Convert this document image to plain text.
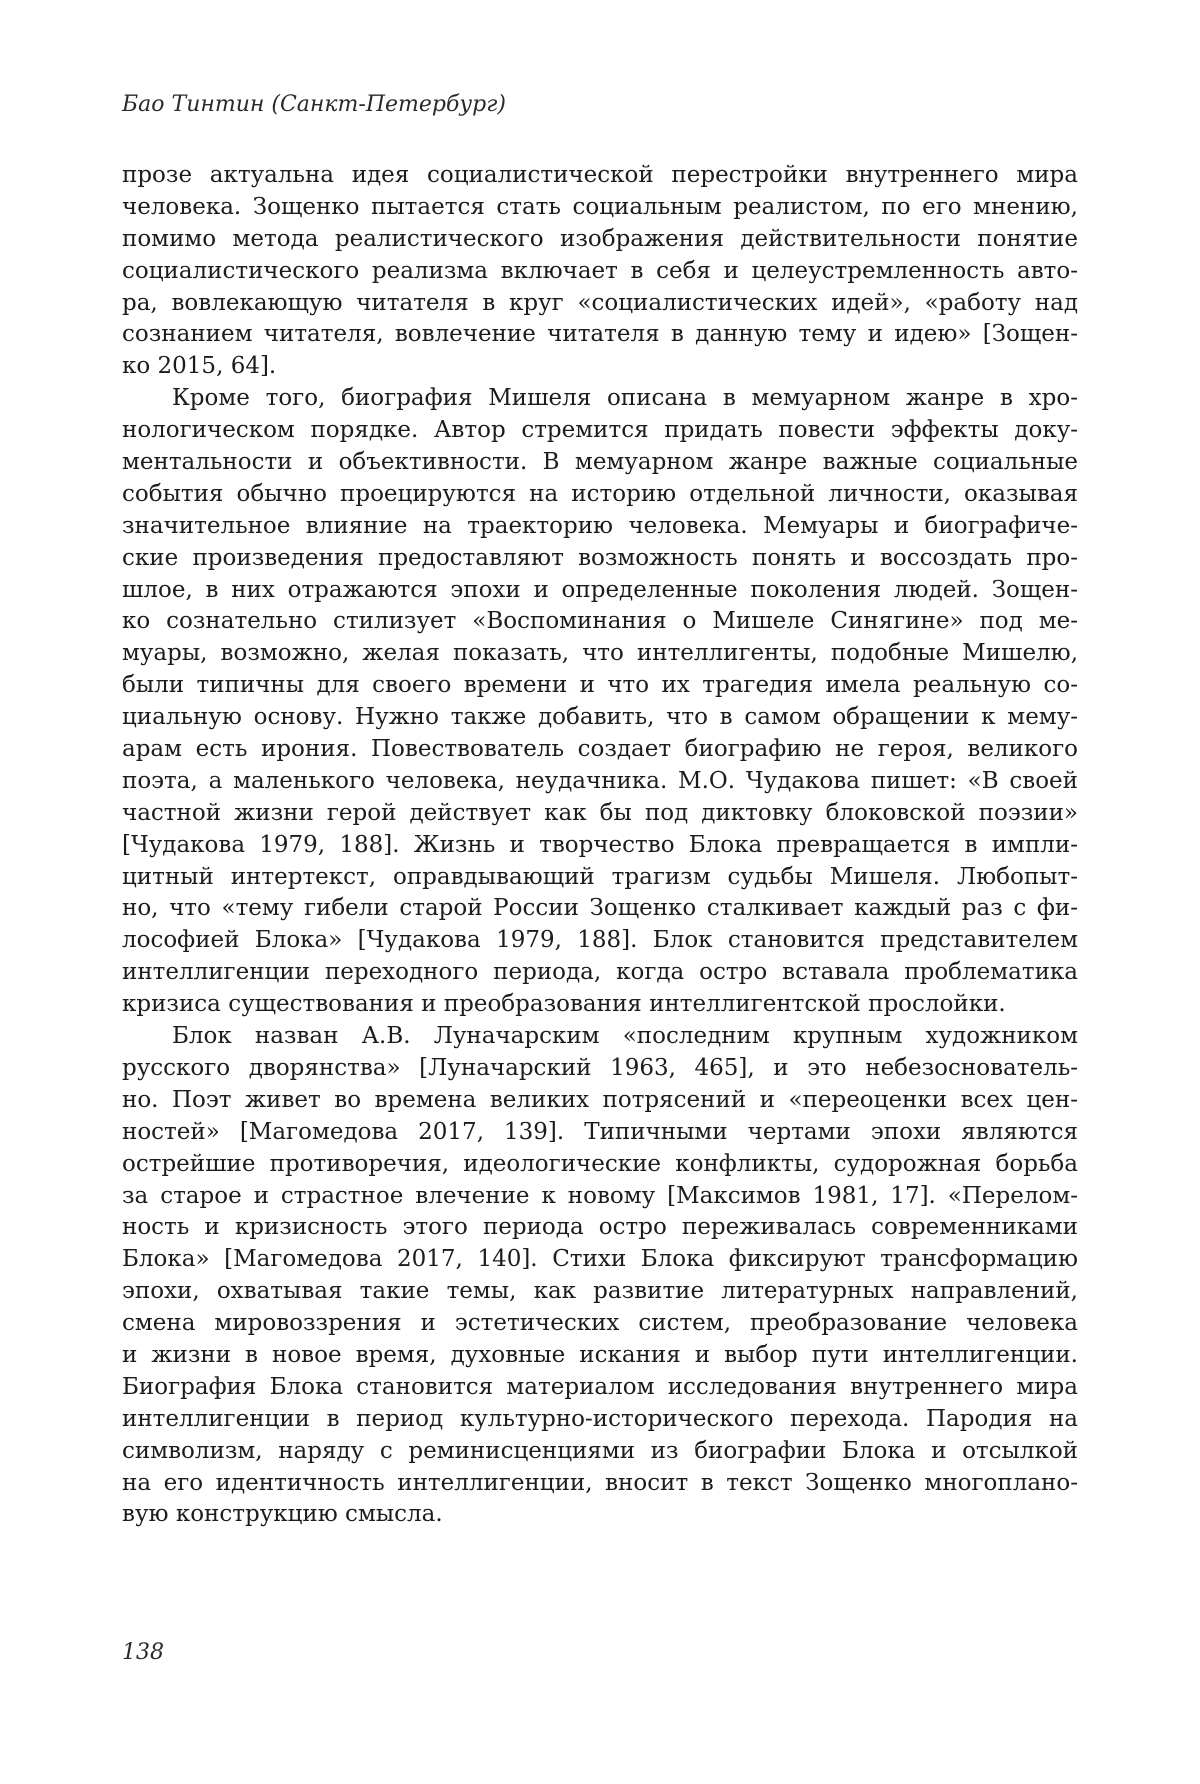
Бао Тинтин (Санкт-Петербург)
прозе актуальна идея социалистической перестройки внутреннего мира
человека. Зощенко пытается стать социальным реалистом, по его мнению,
помимо метода реалистического изображения действительности понятие
социалистического реализма включает в себя и целеустремленность авто-
ра, вовлекающую читателя в круг «социалистических идей», «работу над
сознанием читателя, вовлечение читателя в данную тему и идею» [Зощен-
ко 2015, 64].
Кроме того, биография Мишеля описана в мемуарном жанре в хро-
нологическом порядке. Автор стремится придать повести эффекты доку-
ментальности и объективности. В мемуарном жанре важные социальные
события обычно проецируются на историю отдельной личности, оказывая
значительное влияние на траекторию человека. Мемуары и биографиче-
ские произведения предоставляют возможность понять и воссоздать про-
шлое, в них отражаются эпохи и определенные поколения людей. Зощен-
ко сознательно стилизует «Воспоминания о Мишеле Синягине» под ме-
муары, возможно, желая показать, что интеллигенты, подобные Мишелю,
были типичны для своего времени и что их трагедия имела реальную со-
циальную основу. Нужно также добавить, что в самом обращении к мему-
арам есть ирония. Повествователь создает биографию не героя, великого
поэта, а маленького человека, неудачника. М.О. Чудакова пишет: «В своей
частной жизни герой действует как бы под диктовку блоковской поэзии»
[Чудакова 1979, 188]. Жизнь и творчество Блока превращается в импли-
цитный интертекст, оправдывающий трагизм судьбы Мишеля. Любопыт-
но, что «тему гибели старой России Зощенко сталкивает каждый раз с фи-
лософией Блока» [Чудакова 1979, 188]. Блок становится представителем
интеллигенции переходного периода, когда остро вставала проблематика
кризиса существования и преобразования интеллигентской прослойки.
Блок назван А.В. Луначарским «последним крупным художником
русского дворянства» [Луначарский 1963, 465], и это небезоснователь-
но. Поэт живет во времена великих потрясений и «переоценки всех цен-
ностей» [Магомедова 2017, 139]. Типичными чертами эпохи являются
острейшие противоречия, идеологические конфликты, судорожная борьба
за старое и страстное влечение к новому [Максимов 1981, 17]. «Перелом-
ность и кризисность этого периода остро переживалась современниками
Блока» [Магомедова 2017, 140]. Стихи Блока фиксируют трансформацию
эпохи, охватывая такие темы, как развитие литературных направлений,
смена мировоззрения и эстетических систем, преобразование человека
и жизни в новое время, духовные искания и выбор пути интеллигенции.
Биография Блока становится материалом исследования внутреннего мира
интеллигенции в период культурно-исторического перехода. Пародия на
символизм, наряду с реминисценциями из биографии Блока и отсылкой
на его идентичность интеллигенции, вносит в текст Зощенко многопланo-
вую конструкцию смысла.
138
